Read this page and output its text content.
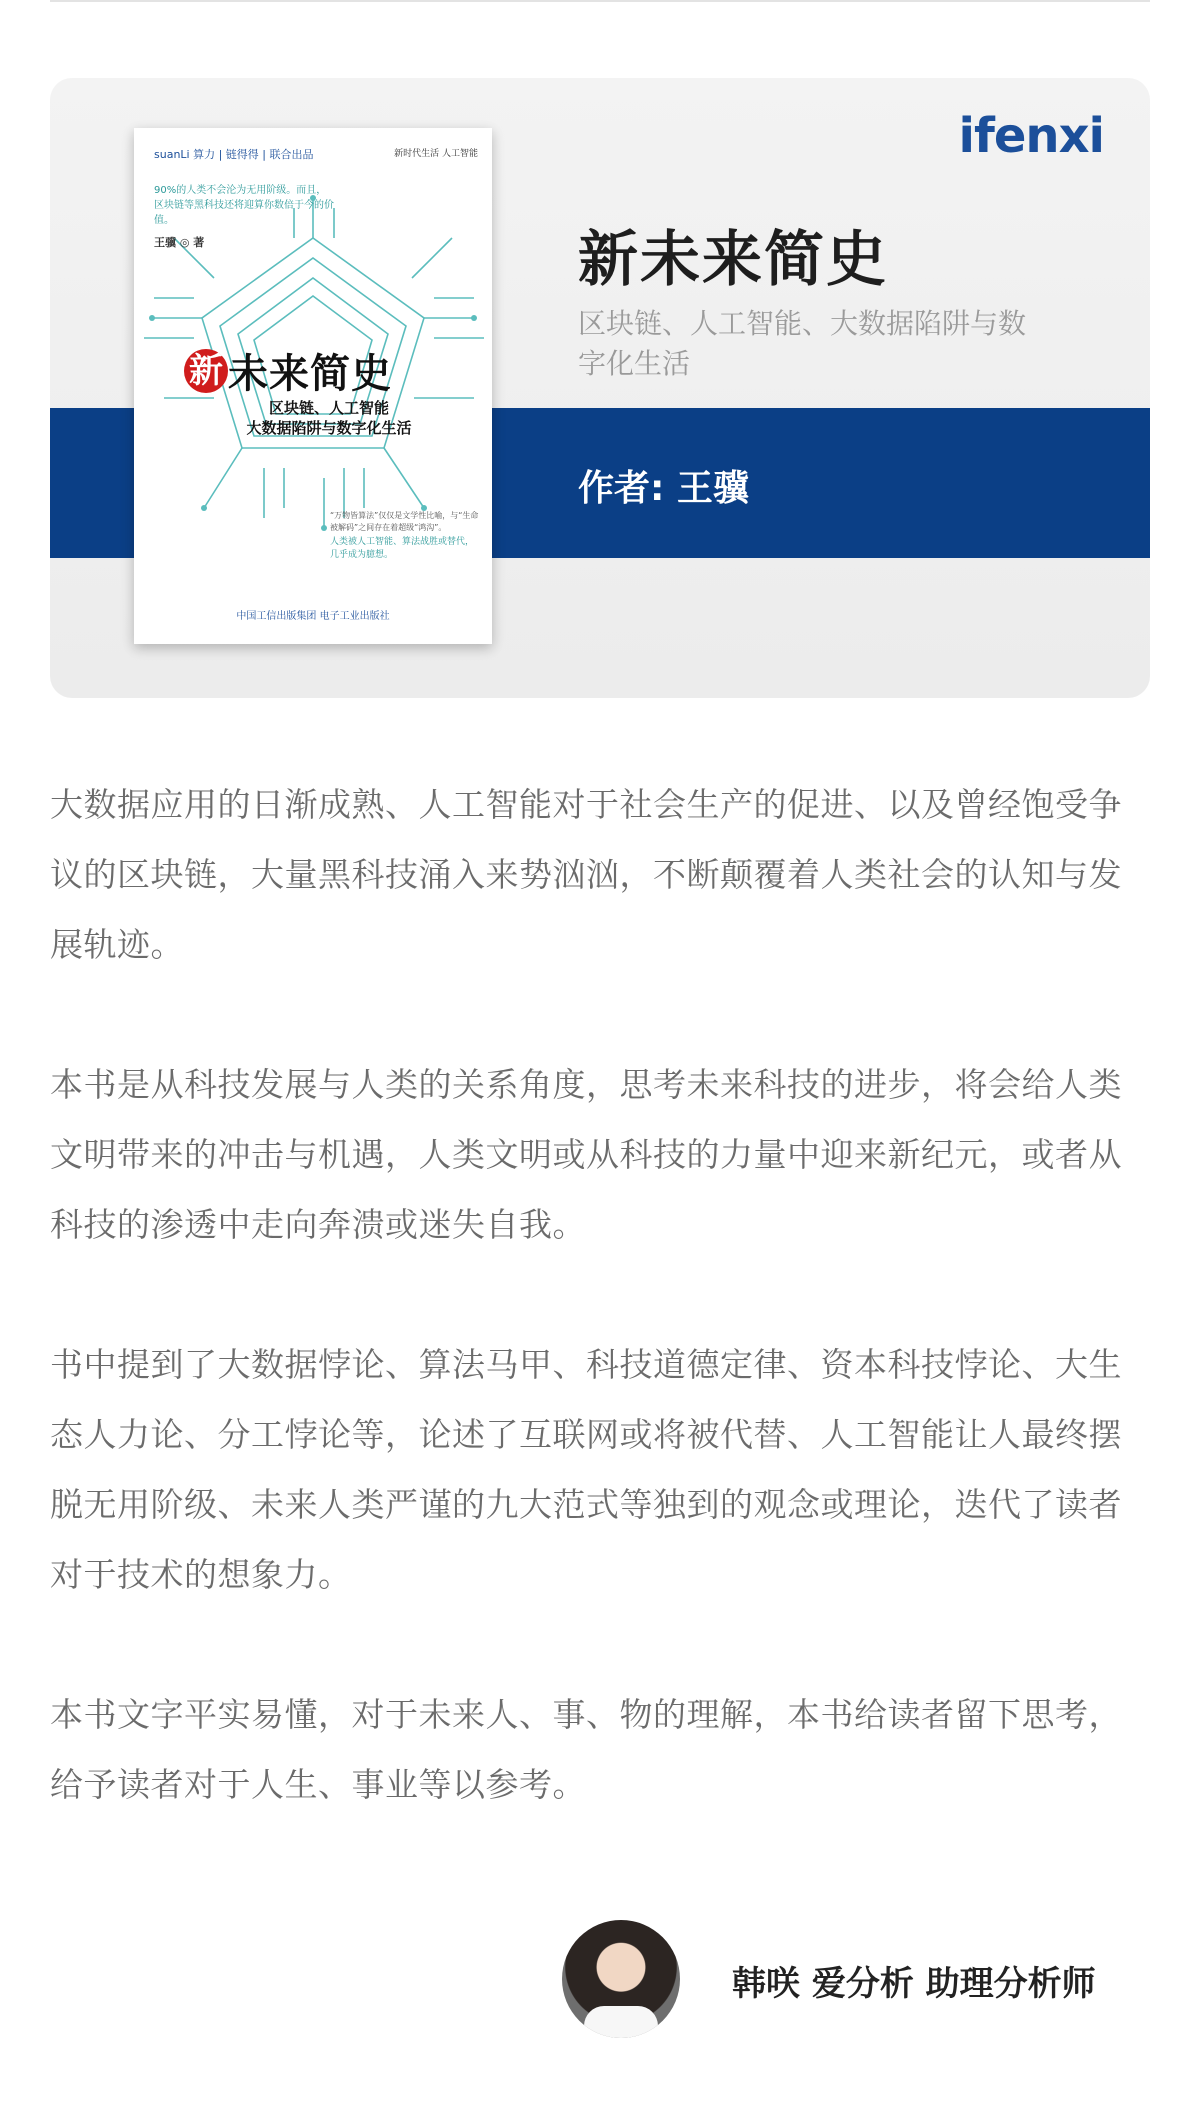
ifenxi
新未来简史
区块链、人工智能、大数据陷阱与数字化生活
作者: 王骥
suanLi 算力 | 链得得 | 联合出品	新时代生活 人工智能
90%的人类不会沦为无用阶级。而且，区块链等黑科技还将迎算你数倍于今的价值。
王骥 ◎ 著
新 未来简史
区块链、人工智能
大数据陷阱与数字化生活
“万物皆算法”仅仅是文学性比喻，与“生命被解码”之间存在着超级“鸿沟”。
人类被人工智能、算法战胜或替代，几乎成为臆想。
中国工信出版集团 电子工业出版社

大数据应用的日渐成熟、人工智能对于社会生产的促进、以及曾经饱受争议的区块链，大量黑科技涌入来势汹汹，不断颠覆着人类社会的认知与发展轨迹。

本书是从科技发展与人类的关系角度，思考未来科技的进步，将会给人类文明带来的冲击与机遇，人类文明或从科技的力量中迎来新纪元，或者从科技的渗透中走向奔溃或迷失自我。

书中提到了大数据悖论、算法马甲、科技道德定律、资本科技悖论、大生态人力论、分工悖论等，论述了互联网或将被代替、人工智能让人最终摆脱无用阶级、未来人类严谨的九大范式等独到的观念或理论，迭代了读者对于技术的想象力。

本书文字平实易懂，对于未来人、事、物的理解，本书给读者留下思考，给予读者对于人生、事业等以参考。

韩咲 爱分析 助理分析师
